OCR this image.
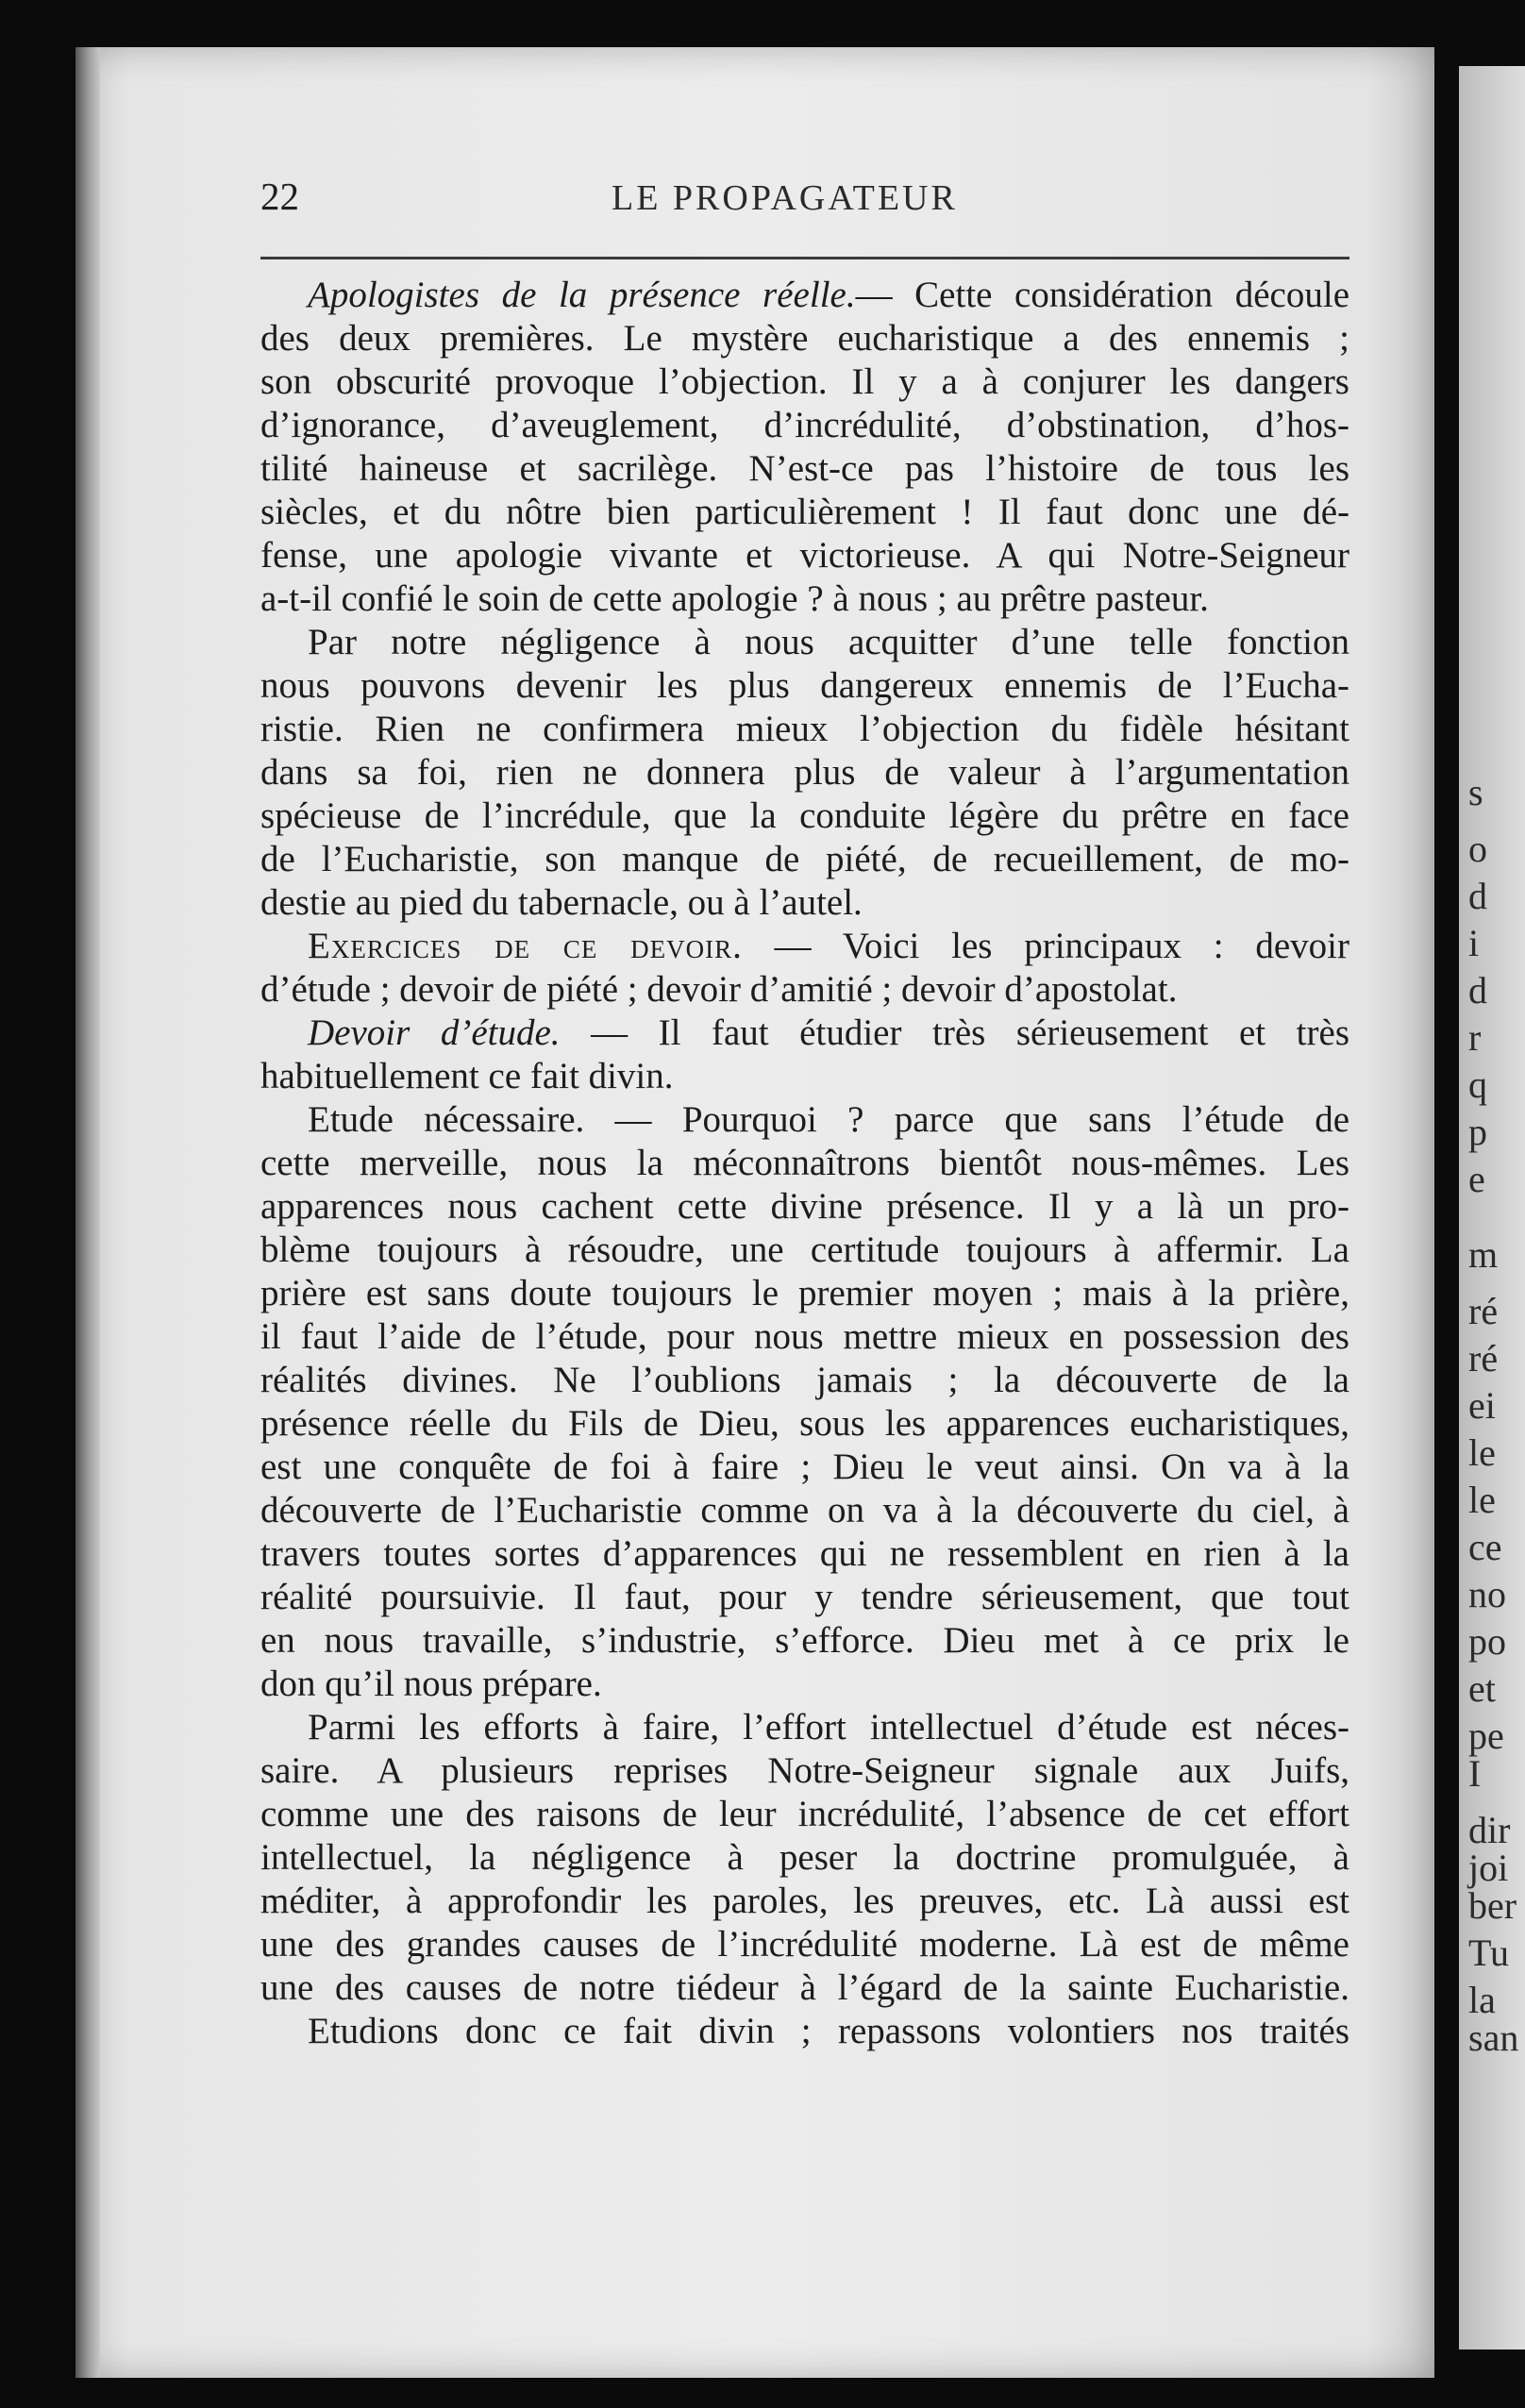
s
o
d
i
d
r
q
p
e
m
ré
ré
ei
le
le
ce
no
po
et
pe
I
dir
joi
ber
Tu
la
san
22	LE PROPAGATEUR
Apologistes de la présence réelle.— Cette considération découle
des deux premières. Le mystère eucharistique a des ennemis ;
son obscurité provoque l’objection. Il y a à conjurer les dangers
d’ignorance, d’aveuglement, d’incrédulité, d’obstination, d’hos-
tilité haineuse et sacrilège. N’est-ce pas l’histoire de tous les
siècles, et du nôtre bien particulièrement ! Il faut donc une dé-
fense, une apologie vivante et victorieuse. A qui Notre-Seigneur
a-t-il confié le soin de cette apologie ? à nous ; au prêtre pasteur.
Par notre négligence à nous acquitter d’une telle fonction
nous pouvons devenir les plus dangereux ennemis de l’Eucha-
ristie. Rien ne confirmera mieux l’objection du fidèle hésitant
dans sa foi, rien ne donnera plus de valeur à l’argumentation
spécieuse de l’incrédule, que la conduite légère du prêtre en face
de l’Eucharistie, son manque de piété, de recueillement, de mo-
destie au pied du tabernacle, ou à l’autel.
Exercices de ce devoir. — Voici les principaux : devoir
d’étude ; devoir de piété ; devoir d’amitié ; devoir d’apostolat.
Devoir d’étude. — Il faut étudier très sérieusement et très
habituellement ce fait divin.
Etude nécessaire. — Pourquoi ? parce que sans l’étude de
cette merveille, nous la méconnaîtrons bientôt nous-mêmes. Les
apparences nous cachent cette divine présence. Il y a là un pro-
blème toujours à résoudre, une certitude toujours à affermir. La
prière est sans doute toujours le premier moyen ; mais à la prière,
il faut l’aide de l’étude, pour nous mettre mieux en possession des
réalités divines. Ne l’oublions jamais ; la découverte de la
présence réelle du Fils de Dieu, sous les apparences eucharistiques,
est une conquête de foi à faire ; Dieu le veut ainsi. On va à la
découverte de l’Eucharistie comme on va à la découverte du ciel, à
travers toutes sortes d’apparences qui ne ressemblent en rien à la
réalité poursuivie. Il faut, pour y tendre sérieusement, que tout
en nous travaille, s’industrie, s’efforce. Dieu met à ce prix le
don qu’il nous prépare.
Parmi les efforts à faire, l’effort intellectuel d’étude est néces-
saire. A plusieurs reprises Notre-Seigneur signale aux Juifs,
comme une des raisons de leur incrédulité, l’absence de cet effort
intellectuel, la négligence à peser la doctrine promulguée, à
méditer, à approfondir les paroles, les preuves, etc. Là aussi est
une des grandes causes de l’incrédulité moderne. Là est de même
une des causes de notre tiédeur à l’égard de la sainte Eucharistie.
Etudions donc ce fait divin ; repassons volontiers nos traités
